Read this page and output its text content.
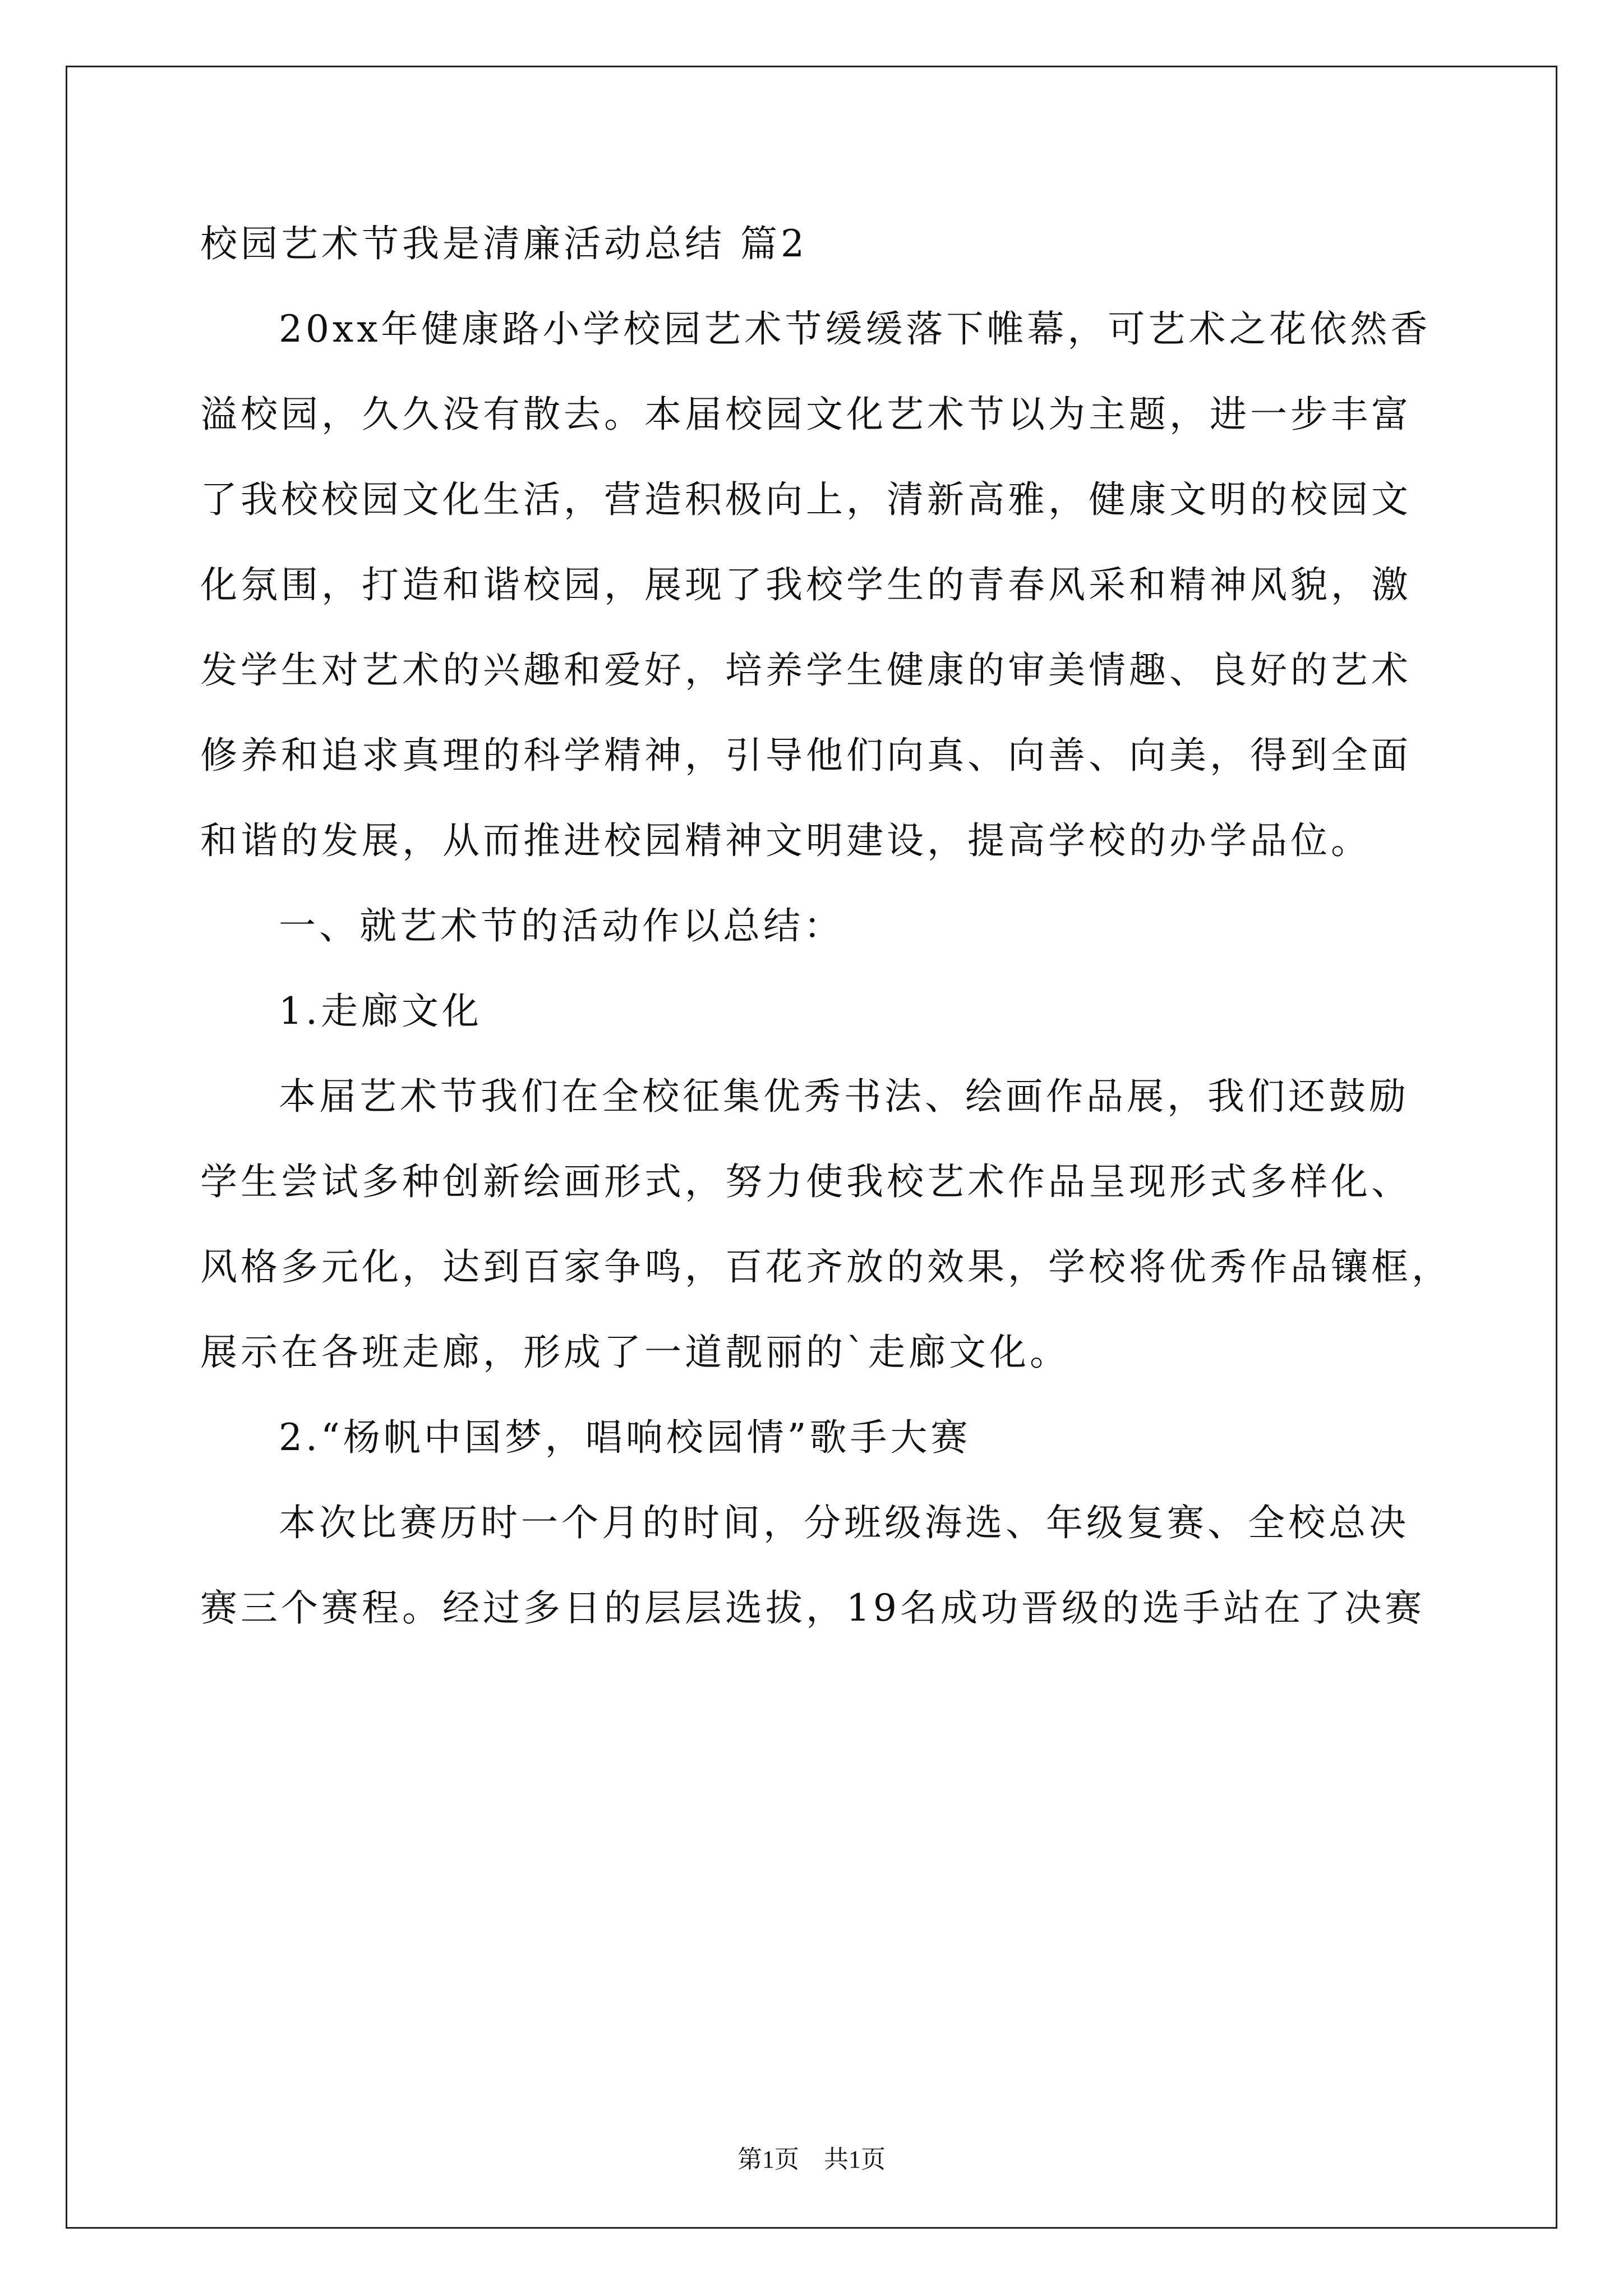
校园艺术节我是清廉活动总结 篇2
20xx年健康路小学校园艺术节缓缓落下帷幕，可艺术之花依然香
溢校园，久久没有散去。本届校园文化艺术节以为主题，进一步丰富
了我校校园文化生活，营造积极向上，清新高雅，健康文明的校园文
化氛围，打造和谐校园，展现了我校学生的青春风采和精神风貌，激
发学生对艺术的兴趣和爱好，培养学生健康的审美情趣、良好的艺术
修养和追求真理的科学精神，引导他们向真、向善、向美，得到全面
和谐的发展，从而推进校园精神文明建设，提高学校的办学品位。
一、就艺术节的活动作以总结：
1.走廊文化
本届艺术节我们在全校征集优秀书法、绘画作品展，我们还鼓励
学生尝试多种创新绘画形式，努力使我校艺术作品呈现形式多样化、
风格多元化，达到百家争鸣，百花齐放的效果，学校将优秀作品镶框，
展示在各班走廊，形成了一道靓丽的`走廊文化。
2.“杨帆中国梦，唱响校园情”歌手大赛
本次比赛历时一个月的时间，分班级海选、年级复赛、全校总决
赛三个赛程。经过多日的层层选拔，19名成功晋级的选手站在了决赛
第1页　共1页
